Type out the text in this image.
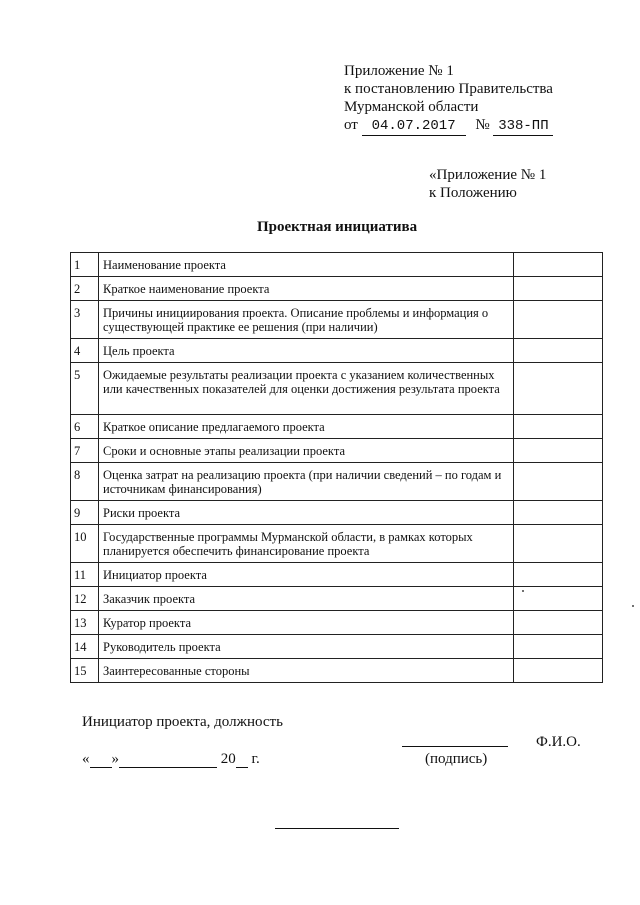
Приложение № 1
к постановлению Правительства
Мурманской области
от 04.07.2017 № 338-ПП
«Приложение № 1
к Положению
Проектная инициатива
1	Наименование проекта	
2	Краткое наименование проекта	
3	Причины инициирования проекта. Описание проблемы и информация о существующей практике ее решения (при наличии)	
4	Цель проекта	
5	Ожидаемые результаты реализации проекта с указанием количественных или качественных показателей для оценки достижения результата проекта	
6	Краткое описание предлагаемого проекта	
7	Сроки и основные этапы реализации проекта	
8	Оценка затрат на реализацию проекта (при наличии сведений – по годам и источникам финансирования)	
9	Риски проекта	
10	Государственные программы Мурманской области, в рамках которых планируется обеспечить финансирование проекта	
11	Инициатор проекта	
12	Заказчик проекта	
13	Куратор проекта	
14	Руководитель проекта	
15	Заинтересованные стороны	
Инициатор проекта, должность
Ф.И.О.
(подпись)
« »	20 г.
